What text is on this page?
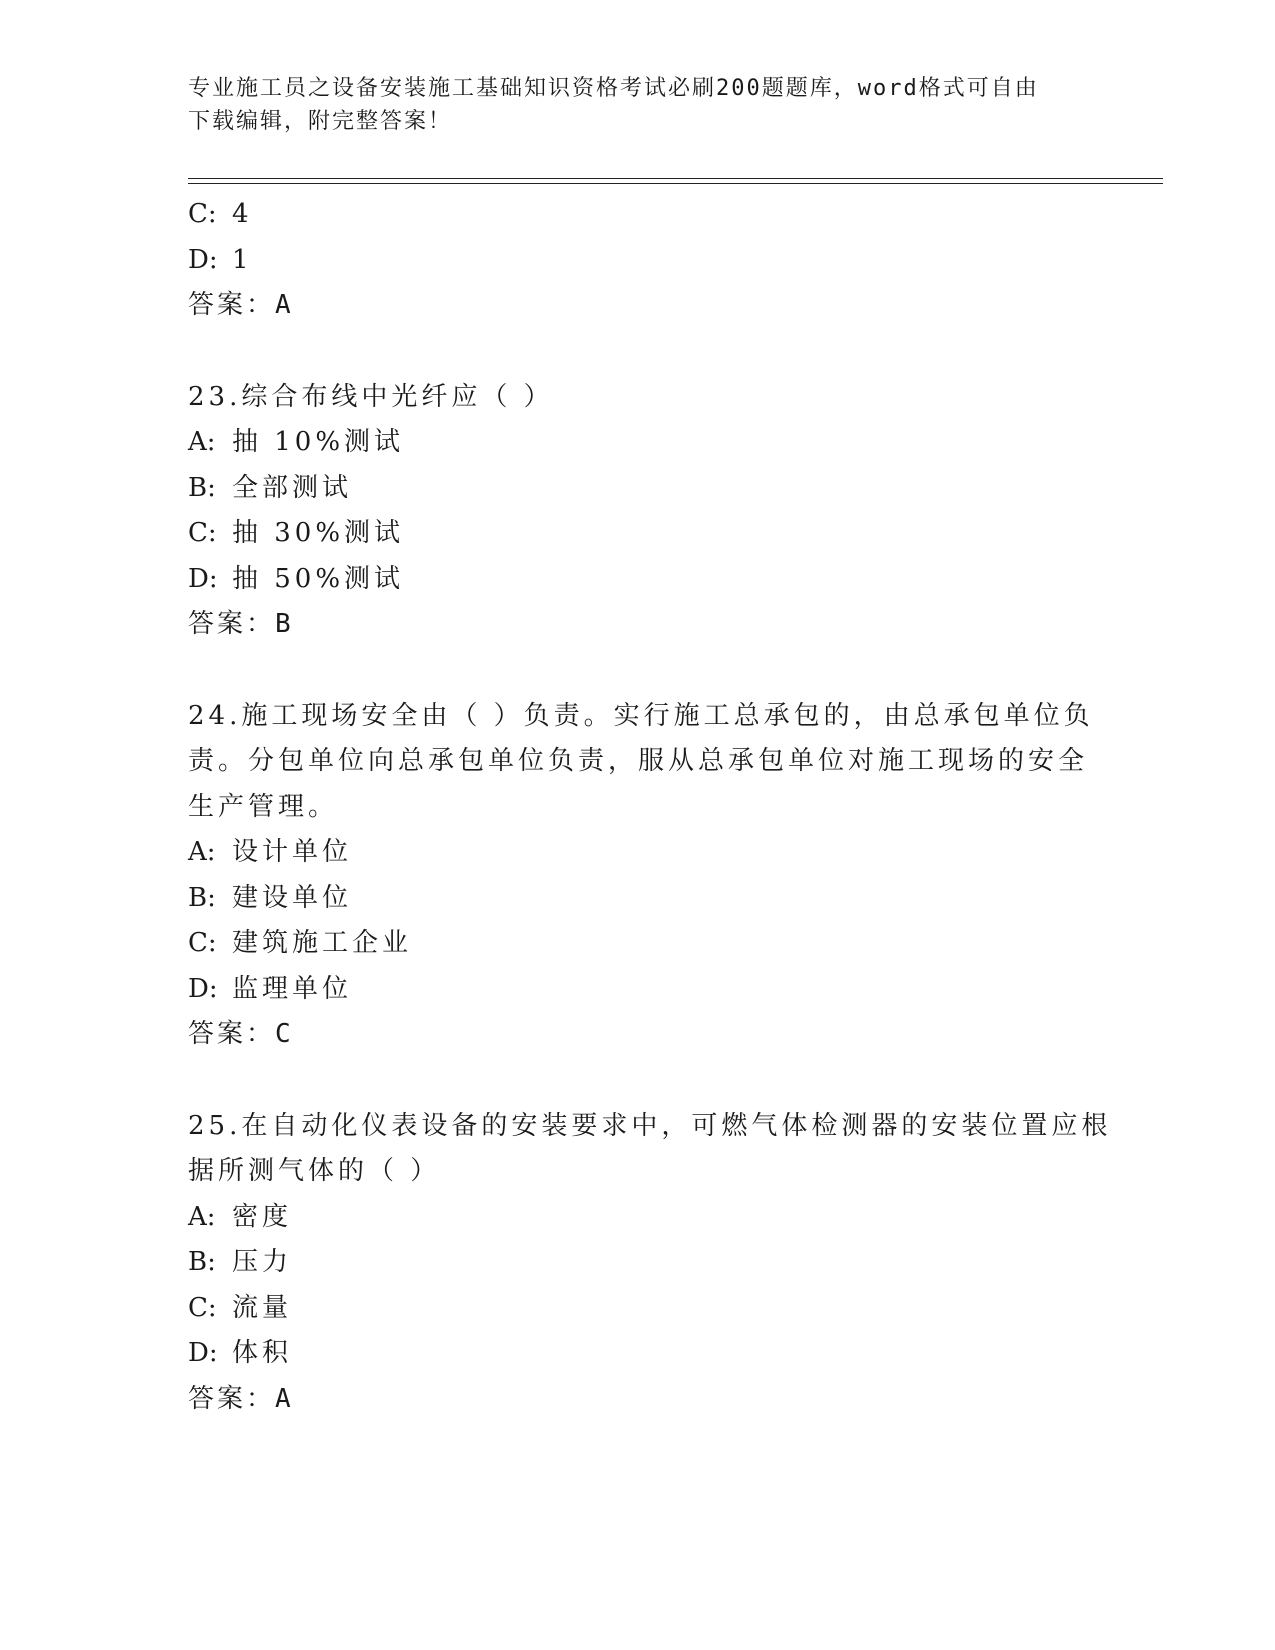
专业施工员之设备安装施工基础知识资格考试必刷200题题库，word格式可自由
下载编辑，附完整答案！
C: 4
D: 1
答案：A
23.综合布线中光纤应（ ）
A: 抽 10%测试
B: 全部测试
C: 抽 30%测试
D: 抽 50%测试
答案：B
24.施工现场安全由（ ）负责。实行施工总承包的，由总承包单位负
责。分包单位向总承包单位负责，服从总承包单位对施工现场的安全
生产管理。
A: 设计单位
B: 建设单位
C: 建筑施工企业
D: 监理单位
答案：C
25.在自动化仪表设备的安装要求中，可燃气体检测器的安装位置应根
据所测气体的（ ）
A: 密度
B: 压力
C: 流量
D: 体积
答案：A
